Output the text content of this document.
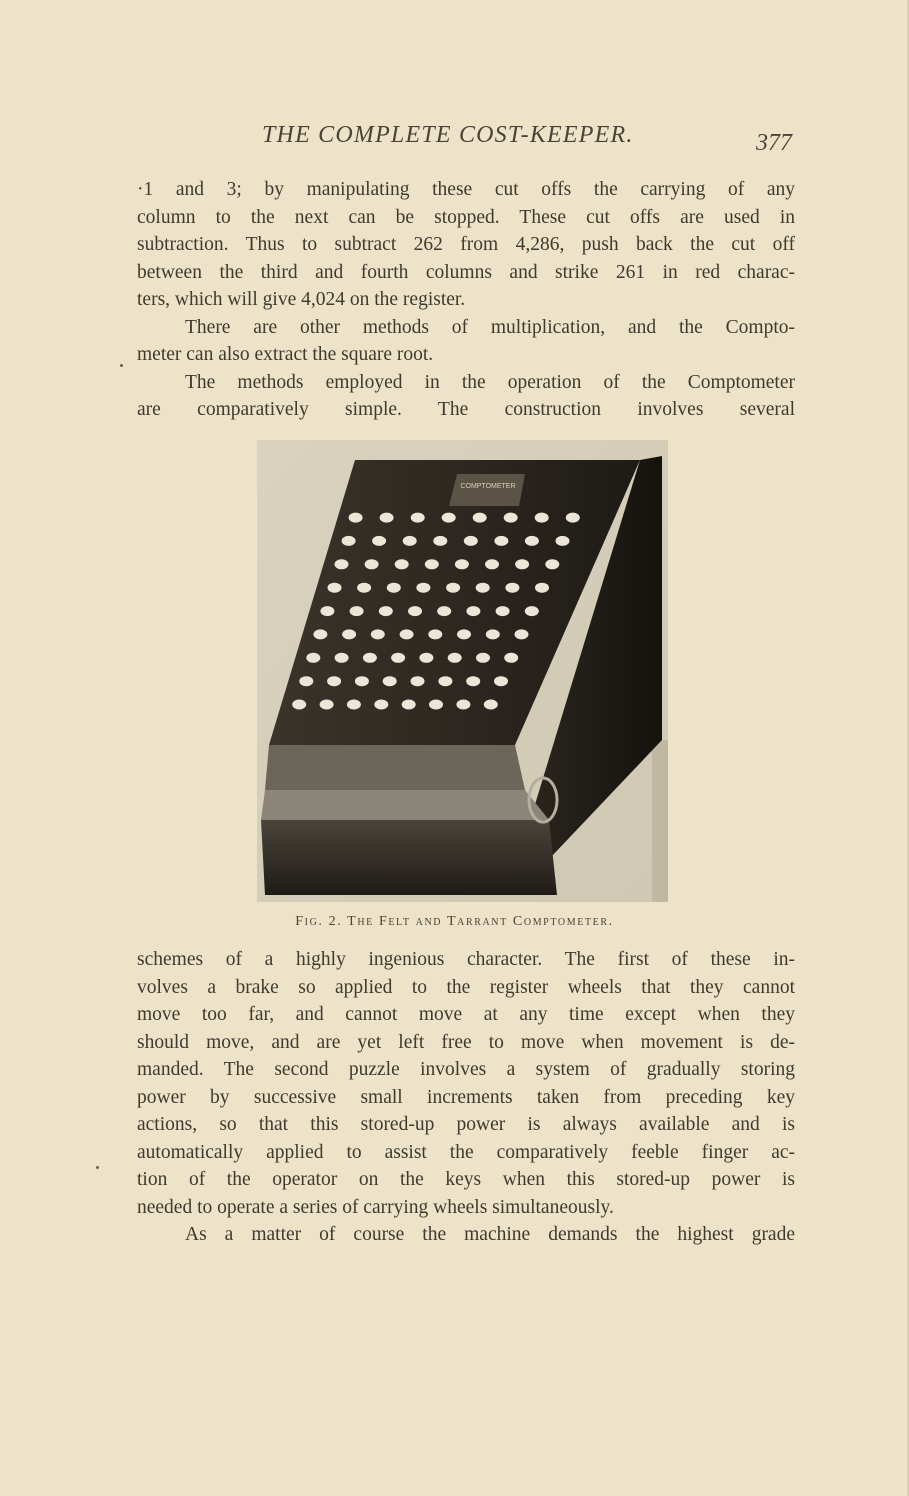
THE COMPLETE COST-KEEPER.	377
·1 and 3; by manipulating these cut offs the carrying of any
column to the next can be stopped. These cut offs are used in
subtraction. Thus to subtract 262 from 4,286, push back the cut off
between the third and fourth columns and strike 261 in red charac-
ters, which will give 4,024 on the register.
There are other methods of multiplication, and the Compto-
meter can also extract the square root.
The methods employed in the operation of the Comptometer
are comparatively simple. The construction involves several
COMPTOMETER
Fig. 2. The Felt and Tarrant Comptometer.
schemes of a highly ingenious character. The first of these in-
volves a brake so applied to the register wheels that they cannot
move too far, and cannot move at any time except when they
should move, and are yet left free to move when movement is de-
manded. The second puzzle involves a system of gradually storing
power by successive small increments taken from preceding key
actions, so that this stored-up power is always available and is
automatically applied to assist the comparatively feeble finger ac-
tion of the operator on the keys when this stored-up power is
needed to operate a series of carrying wheels simultaneously.
As a matter of course the machine demands the highest grade
